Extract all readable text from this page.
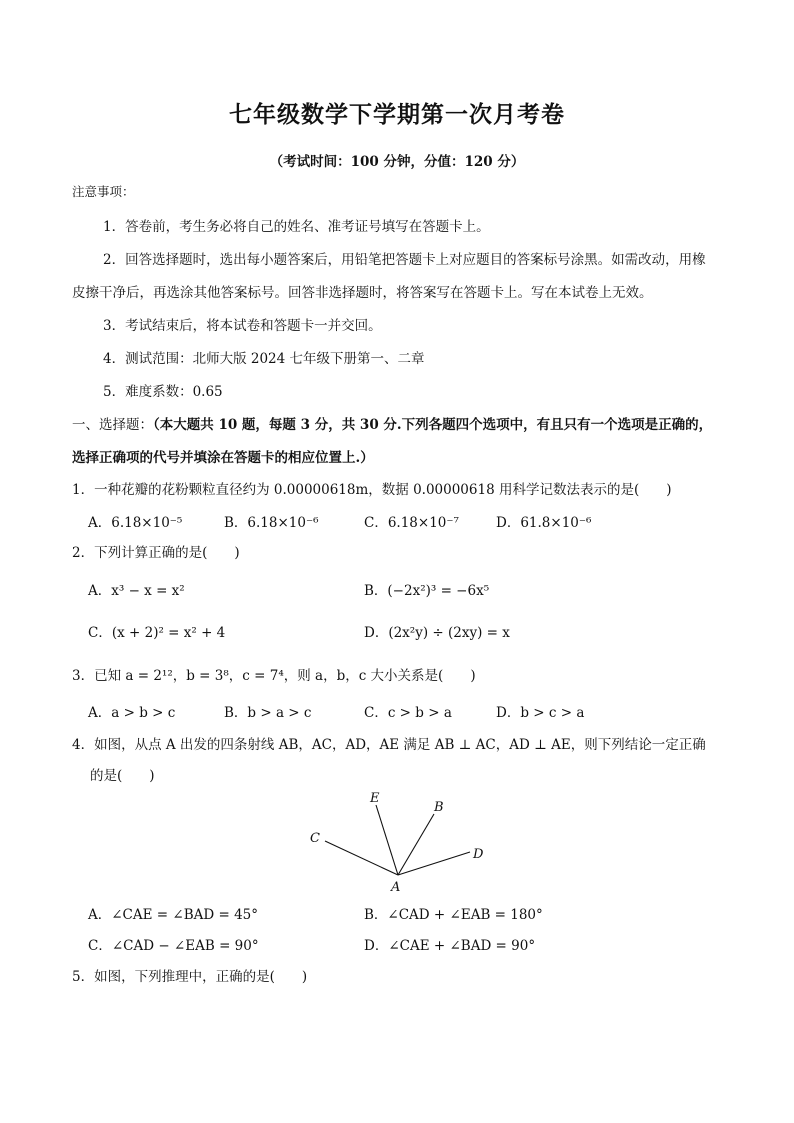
七年级数学下学期第一次月考卷
（考试时间：100 分钟，分值：120 分）
注意事项：
1．答卷前，考生务必将自己的姓名、准考证号填写在答题卡上。
2．回答选择题时，选出每小题答案后，用铅笔把答题卡上对应题目的答案标号涂黑。如需改动，用橡
皮擦干净后，再选涂其他答案标号。回答非选择题时，将答案写在答题卡上。写在本试卷上无效。
3．考试结束后，将本试卷和答题卡一并交回。
4．测试范围：北师大版 2024 七年级下册第一、二章
5．难度系数：0.65
一、选择题：（本大题共 10 题，每题 3 分，共 30 分.下列各题四个选项中，有且只有一个选项是正确的，
选择正确项的代号并填涂在答题卡的相应位置上.）
1．一种花瓣的花粉颗粒直径约为 0.00000618m，数据 0.00000618 用科学记数法表示的是(　　)
A．6.18×10⁻⁵	B．6.18×10⁻⁶	C．6.18×10⁻⁷	D．61.8×10⁻⁶
2．下列计算正确的是(　　)
A．x³ − x = x²	B．(−2x²)³ = −6x⁵
C．(x + 2)² = x² + 4	D．(2x²y) ÷ (2xy) = x
3．已知 a = 2¹²，b = 3⁸，c = 7⁴，则 a，b，c 大小关系是(　　)
A．a > b > c	B．b > a > c	C．c > b > a	D．b > c > a
4．如图，从点 A 出发的四条射线 AB，AC，AD，AE 满足 AB ⊥ AC，AD ⊥ AE，则下列结论一定正确
的是(　　)
E
B
C
D
A
A．∠CAE = ∠BAD = 45°	B．∠CAD + ∠EAB = 180°
C．∠CAD − ∠EAB = 90°	D．∠CAE + ∠BAD = 90°
5．如图，下列推理中，正确的是(　　)
